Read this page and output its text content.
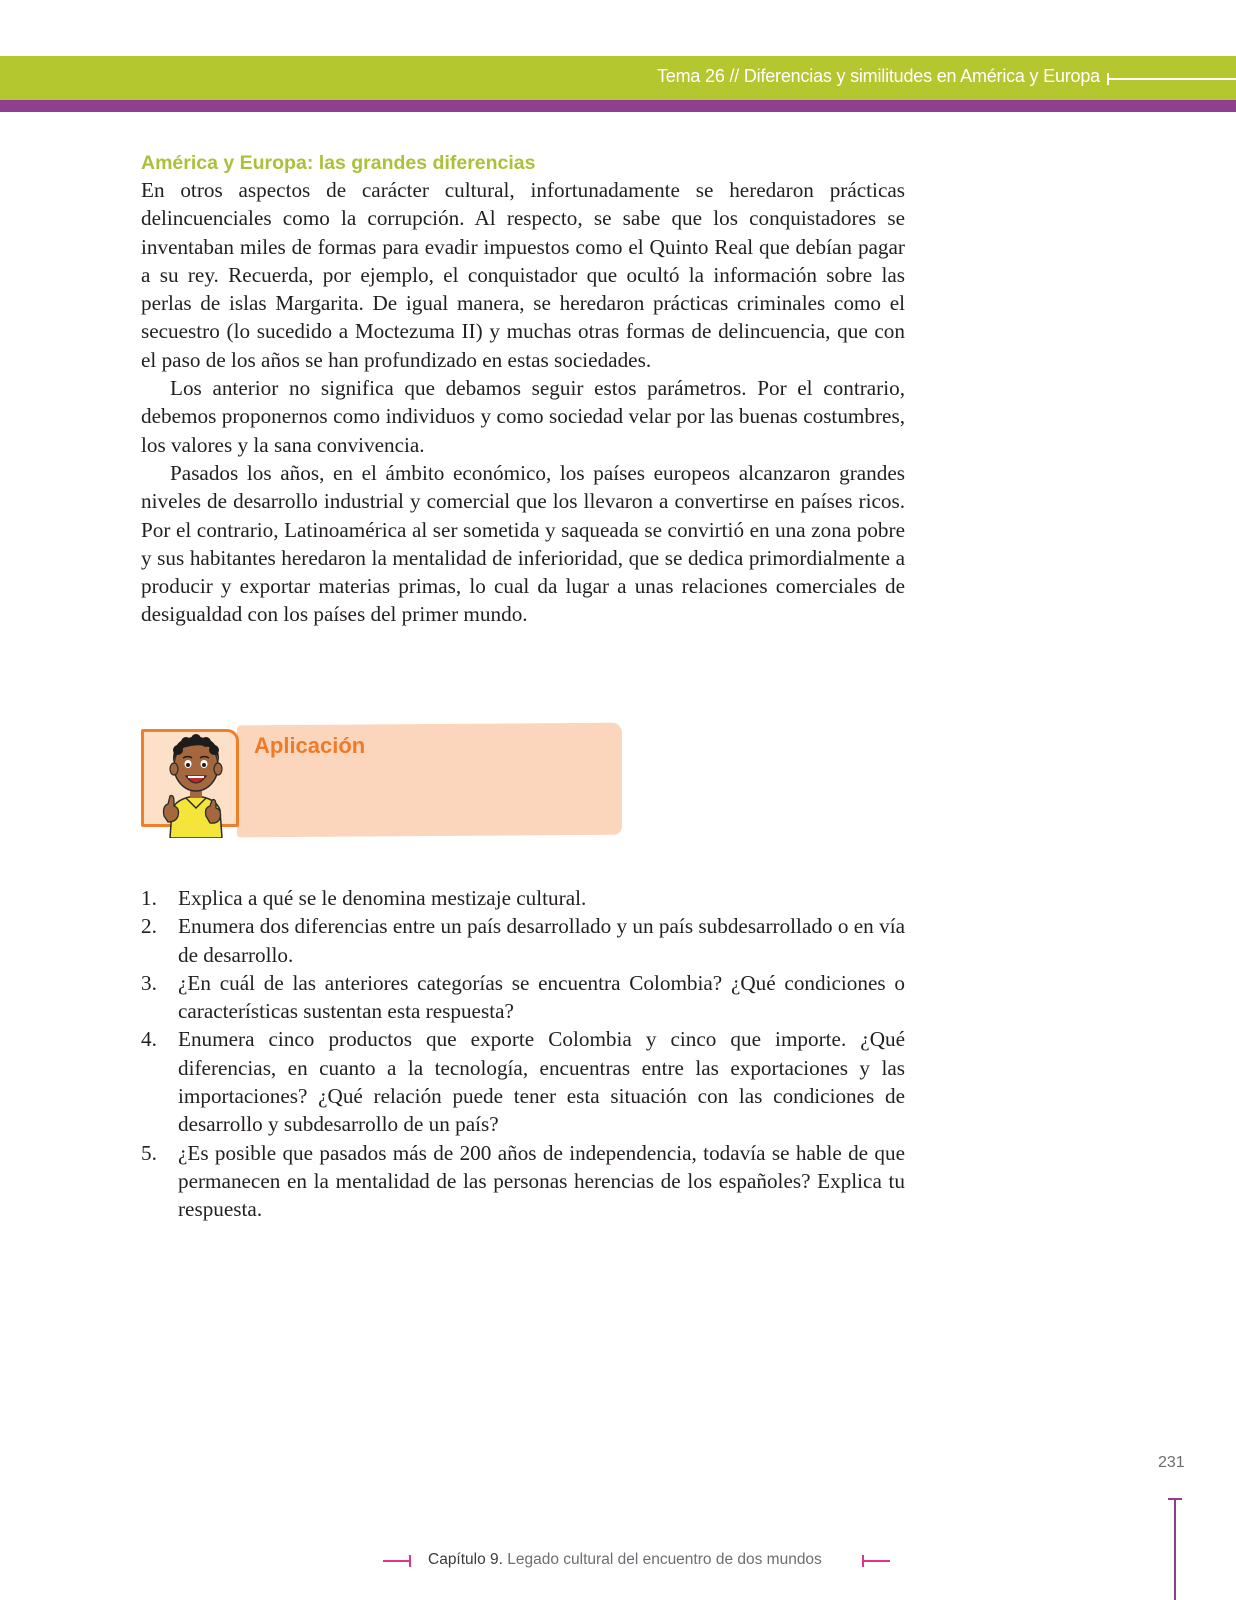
Tema 26 // Diferencias y similitudes en América y Europa
América y Europa: las grandes diferencias

En otros aspectos de carácter cultural, infortunadamente se heredaron prácticas delincuenciales como la corrupción. Al respecto, se sabe que los conquistadores se inventaban miles de formas para evadir impuestos como el Quinto Real que debían pagar a su rey. Recuerda, por ejemplo, el conquistador que ocultó la información sobre las perlas de islas Margarita. De igual manera, se heredaron prácticas criminales como el secuestro (lo sucedido a Moctezuma II) y muchas otras formas de delincuencia, que con el paso de los años se han profundizado en estas sociedades.

Los anterior no significa que debamos seguir estos parámetros. Por el contrario, debemos proponernos como individuos y como sociedad velar por las buenas costumbres, los valores y la sana convivencia.

Pasados los años, en el ámbito económico, los países europeos alcanzaron grandes niveles de desarrollo industrial y comercial que los llevaron a convertirse en países ricos. Por el contrario, Latinoamérica al ser sometida y saqueada se convirtió en una zona pobre y sus habitantes heredaron la mentalidad de inferioridad, que se dedica primordialmente a producir y exportar materias primas, lo cual da lugar a unas relaciones comerciales de desigualdad con los países del primer mundo.

Aplicación
1. Explica a qué se le denomina mestizaje cultural.
2. Enumera dos diferencias entre un país desarrollado y un país subdesarrollado o en vía de desarrollo.
3. ¿En cuál de las anteriores categorías se encuentra Colombia? ¿Qué condiciones o características sustentan esta respuesta?
4. Enumera cinco productos que exporte Colombia y cinco que importe. ¿Qué diferencias, en cuanto a la tecnología, encuentras entre las exportaciones y las importaciones? ¿Qué relación puede tener esta situación con las condiciones de desarrollo y subdesarrollo de un país?
5. ¿Es posible que pasados más de 200 años de independencia, todavía se hable de que permanecen en la mentalidad de las personas herencias de los españoles? Explica tu respuesta.
231
Capítulo 9. Legado cultural del encuentro de dos mundos
